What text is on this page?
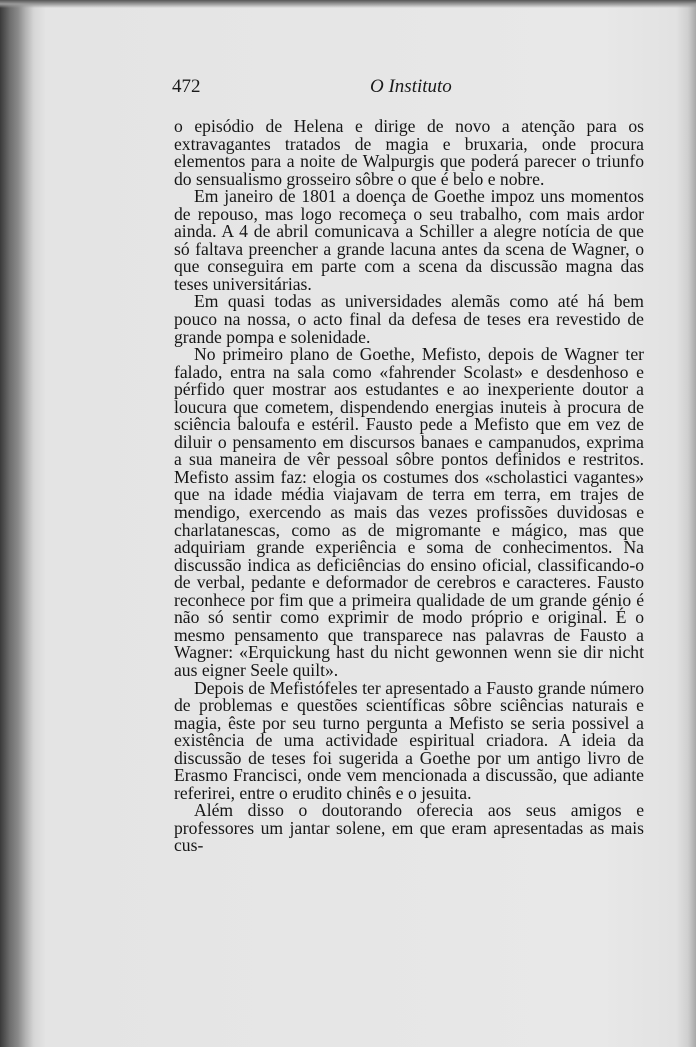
472	O Instituto

o episódio de Helena e dirige de novo a atenção para os extravagantes tratados de magia e bruxaria, onde procura elementos para a noite de Walpurgis que poderá parecer o triunfo do sensualismo grosseiro sôbre o que é belo e nobre.

Em janeiro de 1801 a doença de Goethe impoz uns momentos de repouso, mas logo recomeça o seu trabalho, com mais ardor ainda. A 4 de abril comunicava a Schiller a alegre notícia de que só faltava preencher a grande lacuna antes da scena de Wagner, o que conseguira em parte com a scena da discussão magna das teses universitárias.

Em quasi todas as universidades alemãs como até há bem pouco na nossa, o acto final da defesa de teses era revestido de grande pompa e solenidade.

No primeiro plano de Goethe, Mefisto, depois de Wagner ter falado, entra na sala como «fahrender Scolast» e desdenhoso e pérfido quer mostrar aos estudantes e ao inexperiente doutor a loucura que cometem, dispendendo energias inuteis à procura de sciência baloufa e estéril. Fausto pede a Mefisto que em vez de diluir o pensamento em discursos banaes e campanudos, exprima a sua maneira de vêr pessoal sôbre pontos definidos e restritos. Mefisto assim faz: elogia os costumes dos «scholastici vagantes» que na idade média viajavam de terra em terra, em trajes de mendigo, exercendo as mais das vezes profissões duvidosas e charlatanescas, como as de migromante e mágico, mas que adquiriam grande experiência e soma de conhecimentos. Na discussão indica as deficiências do ensino oficial, classificando-o de verbal, pedante e deformador de cerebros e caracteres. Fausto reconhece por fim que a primeira qualidade de um grande génio é não só sentir como exprimir de modo próprio e original. É o mesmo pensamento que transparece nas palavras de Fausto a Wagner: «Erquickung hast du nicht gewonnen wenn sie dir nicht aus eigner Seele quilt».

Depois de Mefistófeles ter apresentado a Fausto grande número de problemas e questões scientíficas sôbre sciências naturais e magia, êste por seu turno pergunta a Mefisto se seria possivel a existência de uma actividade espiritual criadora. A ideia da discussão de teses foi sugerida a Goethe por um antigo livro de Erasmo Francisci, onde vem mencionada a discussão, que adiante referirei, entre o erudito chinês e o jesuita.

Além disso o doutorando oferecia aos seus amigos e professores um jantar solene, em que eram apresentadas as mais cus-
